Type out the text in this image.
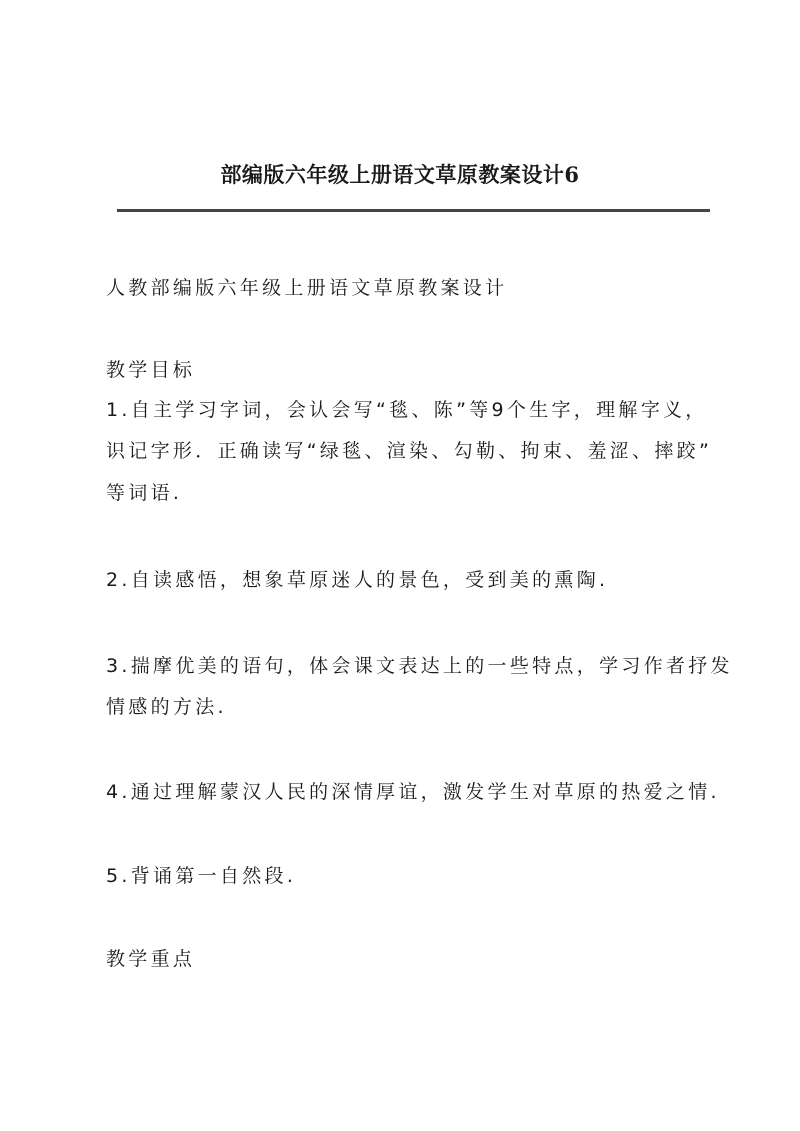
部编版六年级上册语文草原教案设计6
人教部编版六年级上册语文草原教案设计
教学目标
1.自主学习字词，会认会写“毯、陈”等9个生字，理解字义，
识记字形．正确读写“绿毯、渲染、勾勒、拘束、羞涩、摔跤”
等词语.
2.自读感悟，想象草原迷人的景色，受到美的熏陶.
3.揣摩优美的语句，体会课文表达上的一些特点，学习作者抒发
情感的方法.
4.通过理解蒙汉人民的深情厚谊，激发学生对草原的热爱之情.
5.背诵第一自然段.
教学重点
